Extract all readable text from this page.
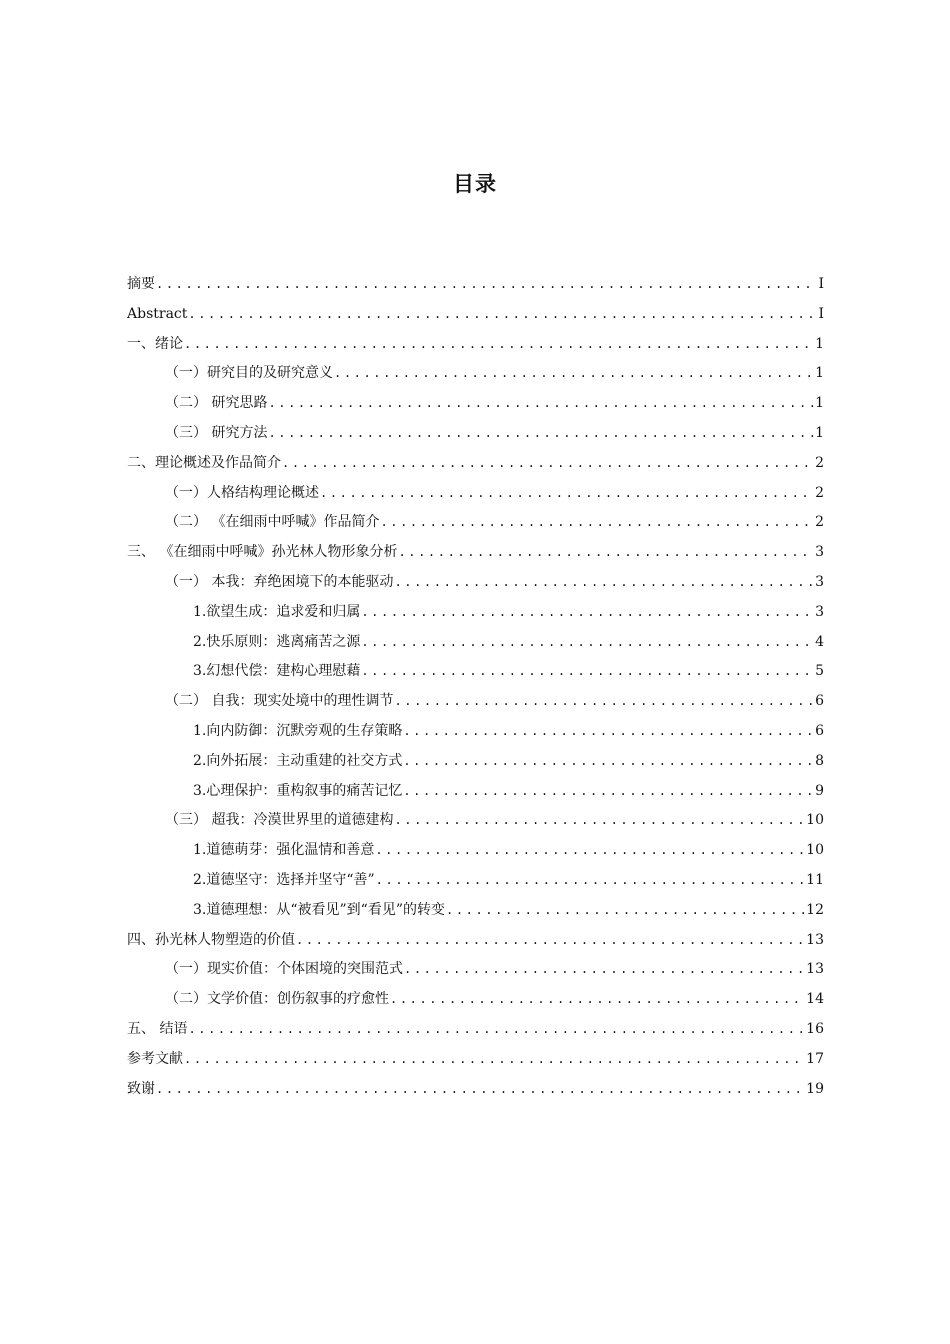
目录
摘要 .....	I
Abstract .....	I
一、绪论 .....	1
（一）研究目的及研究意义 .....	1
（二） 研究思路 .....	1
（三） 研究方法 .....	1
二、理论概述及作品简介 .....	2
（一）人格结构理论概述 .....	2
（二） 《在细雨中呼喊》作品简介 .....	2
三、 《在细雨中呼喊》孙光林人物形象分析 .....	3
（一） 本我：弃绝困境下的本能驱动 .....	3
1.欲望生成：追求爱和归属 .....	3
2.快乐原则：逃离痛苦之源 .....	4
3.幻想代偿：建构心理慰藉 .....	5
（二） 自我：现实处境中的理性调节 .....	6
1.向内防御：沉默旁观的生存策略 .....	6
2.向外拓展：主动重建的社交方式 .....	8
3.心理保护：重构叙事的痛苦记忆 .....	9
（三） 超我：冷漠世界里的道德建构 .....	10
1.道德萌芽：强化温情和善意 .....	10
2.道德坚守：选择并坚守“善” .....	11
3.道德理想：从“被看见”到“看见”的转变 .....	12
四、孙光林人物塑造的价值 .....	13
（一）现实价值：个体困境的突围范式 .....	13
（二）文学价值：创伤叙事的疗愈性 .....	14
五、 结语 .....	16
参考文献 .....	17
致谢 .....	19
